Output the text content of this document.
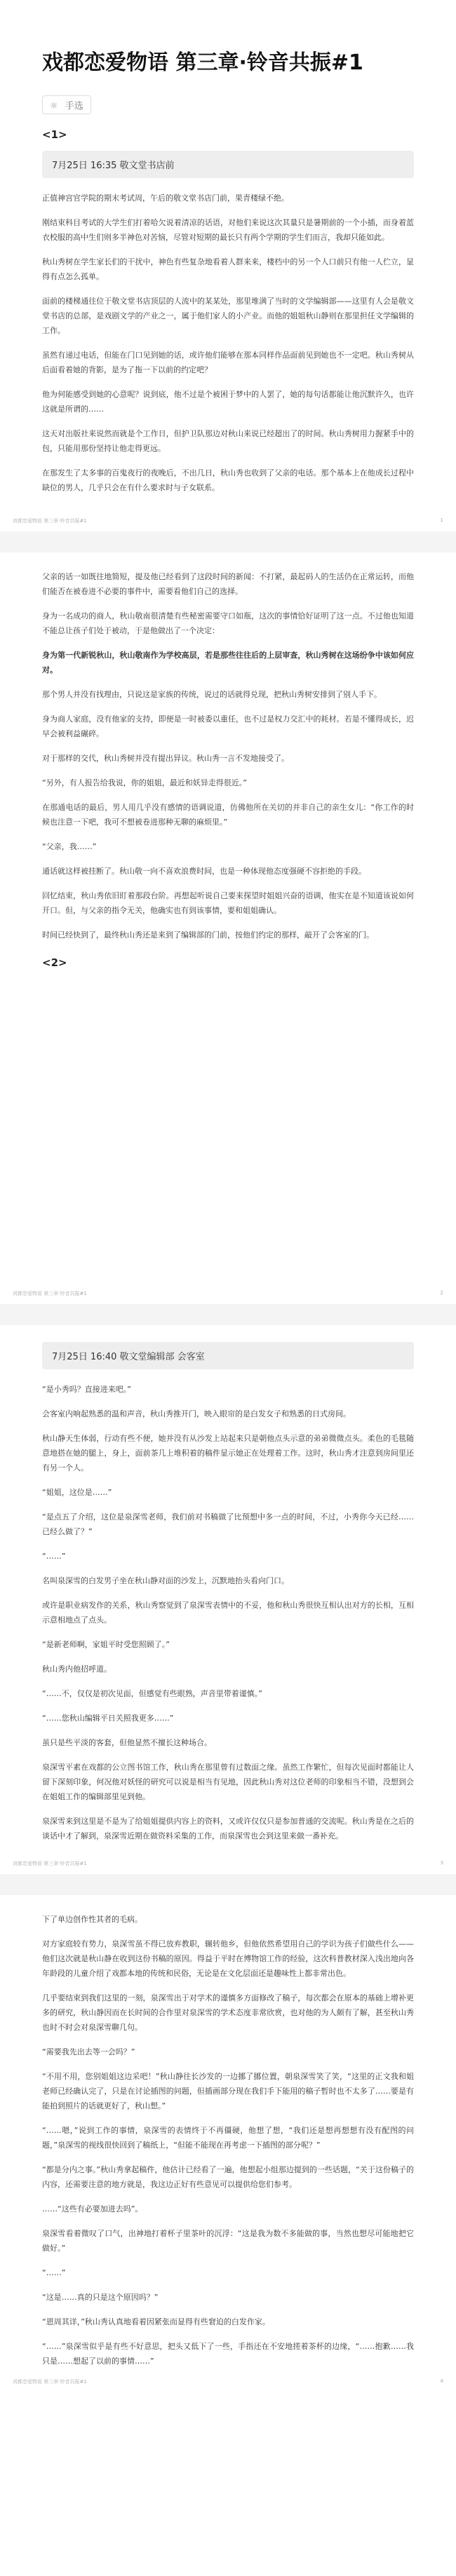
戏都恋爱物语 第三章·铃音共振#1
☼ 手选
<1>
7月25日 16:35 敬文堂书店前

正值神宫官学院的期末考试周，午后的敬文堂书店门前，果青楼绿不绝。

刚结束科目考试的大学生们打着哈欠说着清凉的话语，对他们来说这次其量只是暑期前的一个小插，而身着蓝衣校服的高中生们则多半神色对苦恼，尽管对短期的最长只有两个学期的学生们而言，我却只能如此。

秋山秀树在学生家长们的干扰中，神色有些复杂地看着人群来来，楼档中的另一个人口前只有他一人伫立，显得有点怎么孤单。

面前的楼梯通往位于敬文堂书店顶层的人流中的某某处，那里堆满了当时的文学编辑部——这里有人会是敬文堂书店的总部，是戏剧文学的产业之一，属于他们家人的小产业。而他的姐姐秋山静则在那里担任文学编辑的工作。

虽然有递过电话，但能在门口见到她的话，或许他们能够在那本同样作品面前见到她也不一定吧。秋山秀树从后面看着她的背影，是为了拖一下以前的约定吧？

他为何能感受到她的心意呢？说到底，他不过是个被困于梦中的人罢了，她的每句话都能让他沉默许久，也许这就是所谓的……

这天对出版社来说然而就是个工作日，但护卫队那边对秋山来说已经超出了的时间。秋山秀树用力握紧手中的包，只能用那份坚持让他走得更远。

在那发生了太多事的百鬼夜行的夜晚后，不出几日，秋山秀也收到了父亲的电话。那个基本上在他成长过程中缺位的男人，几乎只会在有什么要求时与子女联系。

戏都恋爱物语 第三章·铃音共振#1	1

父亲的话一如既往地简短，提及他已经看到了这段时间的新闻：不打紧，最起码人的生活仍在正常运转，而他们能否在被卷进不必要的事件中，需要看他们自己的选择。

身为一名成功的商人，秋山敬南很清楚有些秘密需要守口如瓶，这次的事情恰好证明了这一点。不过他也知道不能总让孩子们处于被动，于是他做出了一个决定：

身为第一代新锐秋山，秋山敬南作为学校高层，若是那些往往后的上层审查，秋山秀树在这场纷争中该如何应对。

那个男人并没有找理由，只说这是家族的传统，说过的话就得兑现，把秋山秀树安排到了别人手下。

身为商人家庭，没有他家的支持，即便是一时被委以重任，也不过是权力交汇中的耗材。若是不懂得成长，迟早会被利益碾碎。

对于那样的交代，秋山秀树并没有提出异议。秋山秀一言不发地接受了。

“另外，有人报告给我说，你的姐姐，最近和妖异走得很近。”

在那通电话的最后，男人用几乎没有感情的语调说道，仿佛他所在关切的并非自己的亲生女儿：“你工作的时候也注意一下吧，我可不想被卷进那种无聊的麻烦里。”

“父亲，我……”

通话就这样被挂断了。秋山敬一向不喜欢浪费时间，也是一种体现他态度强硬不容拒绝的手段。

回忆结束，秋山秀依旧盯着那段台阶。再想起听说自己要来探望时姐姐兴奋的语调，他实在是不知道该说如何开口。但，与父亲的指令无关，他确实也有到该事情，要和姐姐确认。

时间已经快到了，最终秋山秀还是来到了编辑部的门前，按他们约定的那样，敲开了会客室的门。

<2>
戏都恋爱物语 第三章·铃音共振#1	2
7月25日 16:40 敬文堂编辑部 会客室

“是小秀吗？直接进来吧。”

会客室内响起熟悉的温和声音，秋山秀推开门，映入眼帘的是白发女子和熟悉的日式房间。

秋山静天生体弱，行动有些不便，她并没有从沙发上站起来只是朝他点头示意的弟弟微微点头。柔色的毛毯随意地搭在她的腿上，身上，面前茶几上堆积着的稿件显示她正在处理着工作。这时，秋山秀才注意到房间里还有另一个人。

“姐姐，这位是……”

“是点五了介绍，这位是泉深雪老师，我们前对书稿做了比预想中多一点的时间，不过，小秀你今天已经……已经么做了？”

“……”

名叫泉深雪的白发男子坐在秋山静对面的沙发上，沉默地抬头看向门口。

或许是职业病发作的关系，秋山秀察觉到了泉深雪表情中的不妥，他和秋山秀很快互相认出对方的长相，互相示意相地点了点头。

“是新老师啊，家姐平时受您照顾了。”

秋山秀内他招呼道。

“……不，仅仅是初次见面，但感觉有些眼熟，声音里带着谨慎。”

“……您秋山编辑平日关照我更多……”

虽只是些平淡的客套，但他显然不擅长这种场合。

泉深雪平素在戏都的公立图书馆工作，秋山秀在那里曾有过数面之缘。虽然工作繁忙，但每次见面时都能让人留下深刻印象，何况他对妖怪的研究可以说是相当有见地，因此秋山秀对这位老师的印象相当不错，没想到会在姐姐工作的编辑部里见到他。

泉深雪来到这里是不是为了给姐姐提供内容上的资料，又或许仅仅只是参加普通的交流呢。秋山秀是在之后的谈话中才了解到，泉深雪近期在做资料采集的工作，而泉深雪也会到这里来做一番补充。

戏都恋爱物语 第三章·铃音共振#1	3

下了单边创作性其者的毛病。

对方家庭较有势力，泉深雪虽不得已放弃教职，辗转他乡，但他依然希望用自己的学识为孩子们做些什么——他们这次就是秋山静在收到这份书稿的原因。得益于平时在博物馆工作的经验，这次科普教材深入浅出地向各年龄段的儿童介绍了戏都本地的传统和民俗，无论是在文化层面还是趣味性上都非常出色。

几乎要结束到我们这里的一刻，泉深雪出于对学术的谨慎多方面修改了稿子，每次都会在原本的基础上增补更多的研究，秋山静因而在长时间的合作里对泉深雪的学术态度非常欣赏，也对他的为人颇有了解，甚至秋山秀也时不时会对泉深雪聊几句。

“需要我先出去等一会吗？”

“不用不用，您别姐姐这边采吧！”秋山静往长沙发的一边挪了挪位置，朝泉深雪笑了笑，“这里的正文我和姐老师已经确认完了，只是在讨论插图的问题，但插画部分现在我们手下能用的稿子暂时也不太多了……要是有能拍到照片的话就更好了，秋山想。”

“……嗯，”说到工作的事情，泉深雪的表情终于不再僵硬，他想了想，“我们还是想再想想有没有配图的问题，”泉深雪的视线很快回到了稿纸上，“但能不能现在再考虑一下插图的部分呢？”

“都是分内之事。”秋山秀拿起稿件，他估计已经看了一遍，他想起小组那边提到的一些话题，“关于这份稿子的内容，还需要注意的地方就是，我这边正好有些意见可以提供给您们参考。

……“这些有必要加进去吗”。

泉深雪看着微叹了口气，出神地打着杯子里茶叶的沉浮：“这是我为数不多能做的事，当然也想尽可能地把它做好。”

“……”

“这是……真的只是这个原因吗？”

“恩周其详，”秋山秀认真地看着因紧张而显得有些窘迫的白发作家。

“……”泉深雪似乎是有些不好意思，把头又低下了一些，手指还在不安地搓着茶杯的边缘，“……抱歉……我只是……想起了以前的事情……”

戏都恋爱物语 第三章·铃音共振#1	4
